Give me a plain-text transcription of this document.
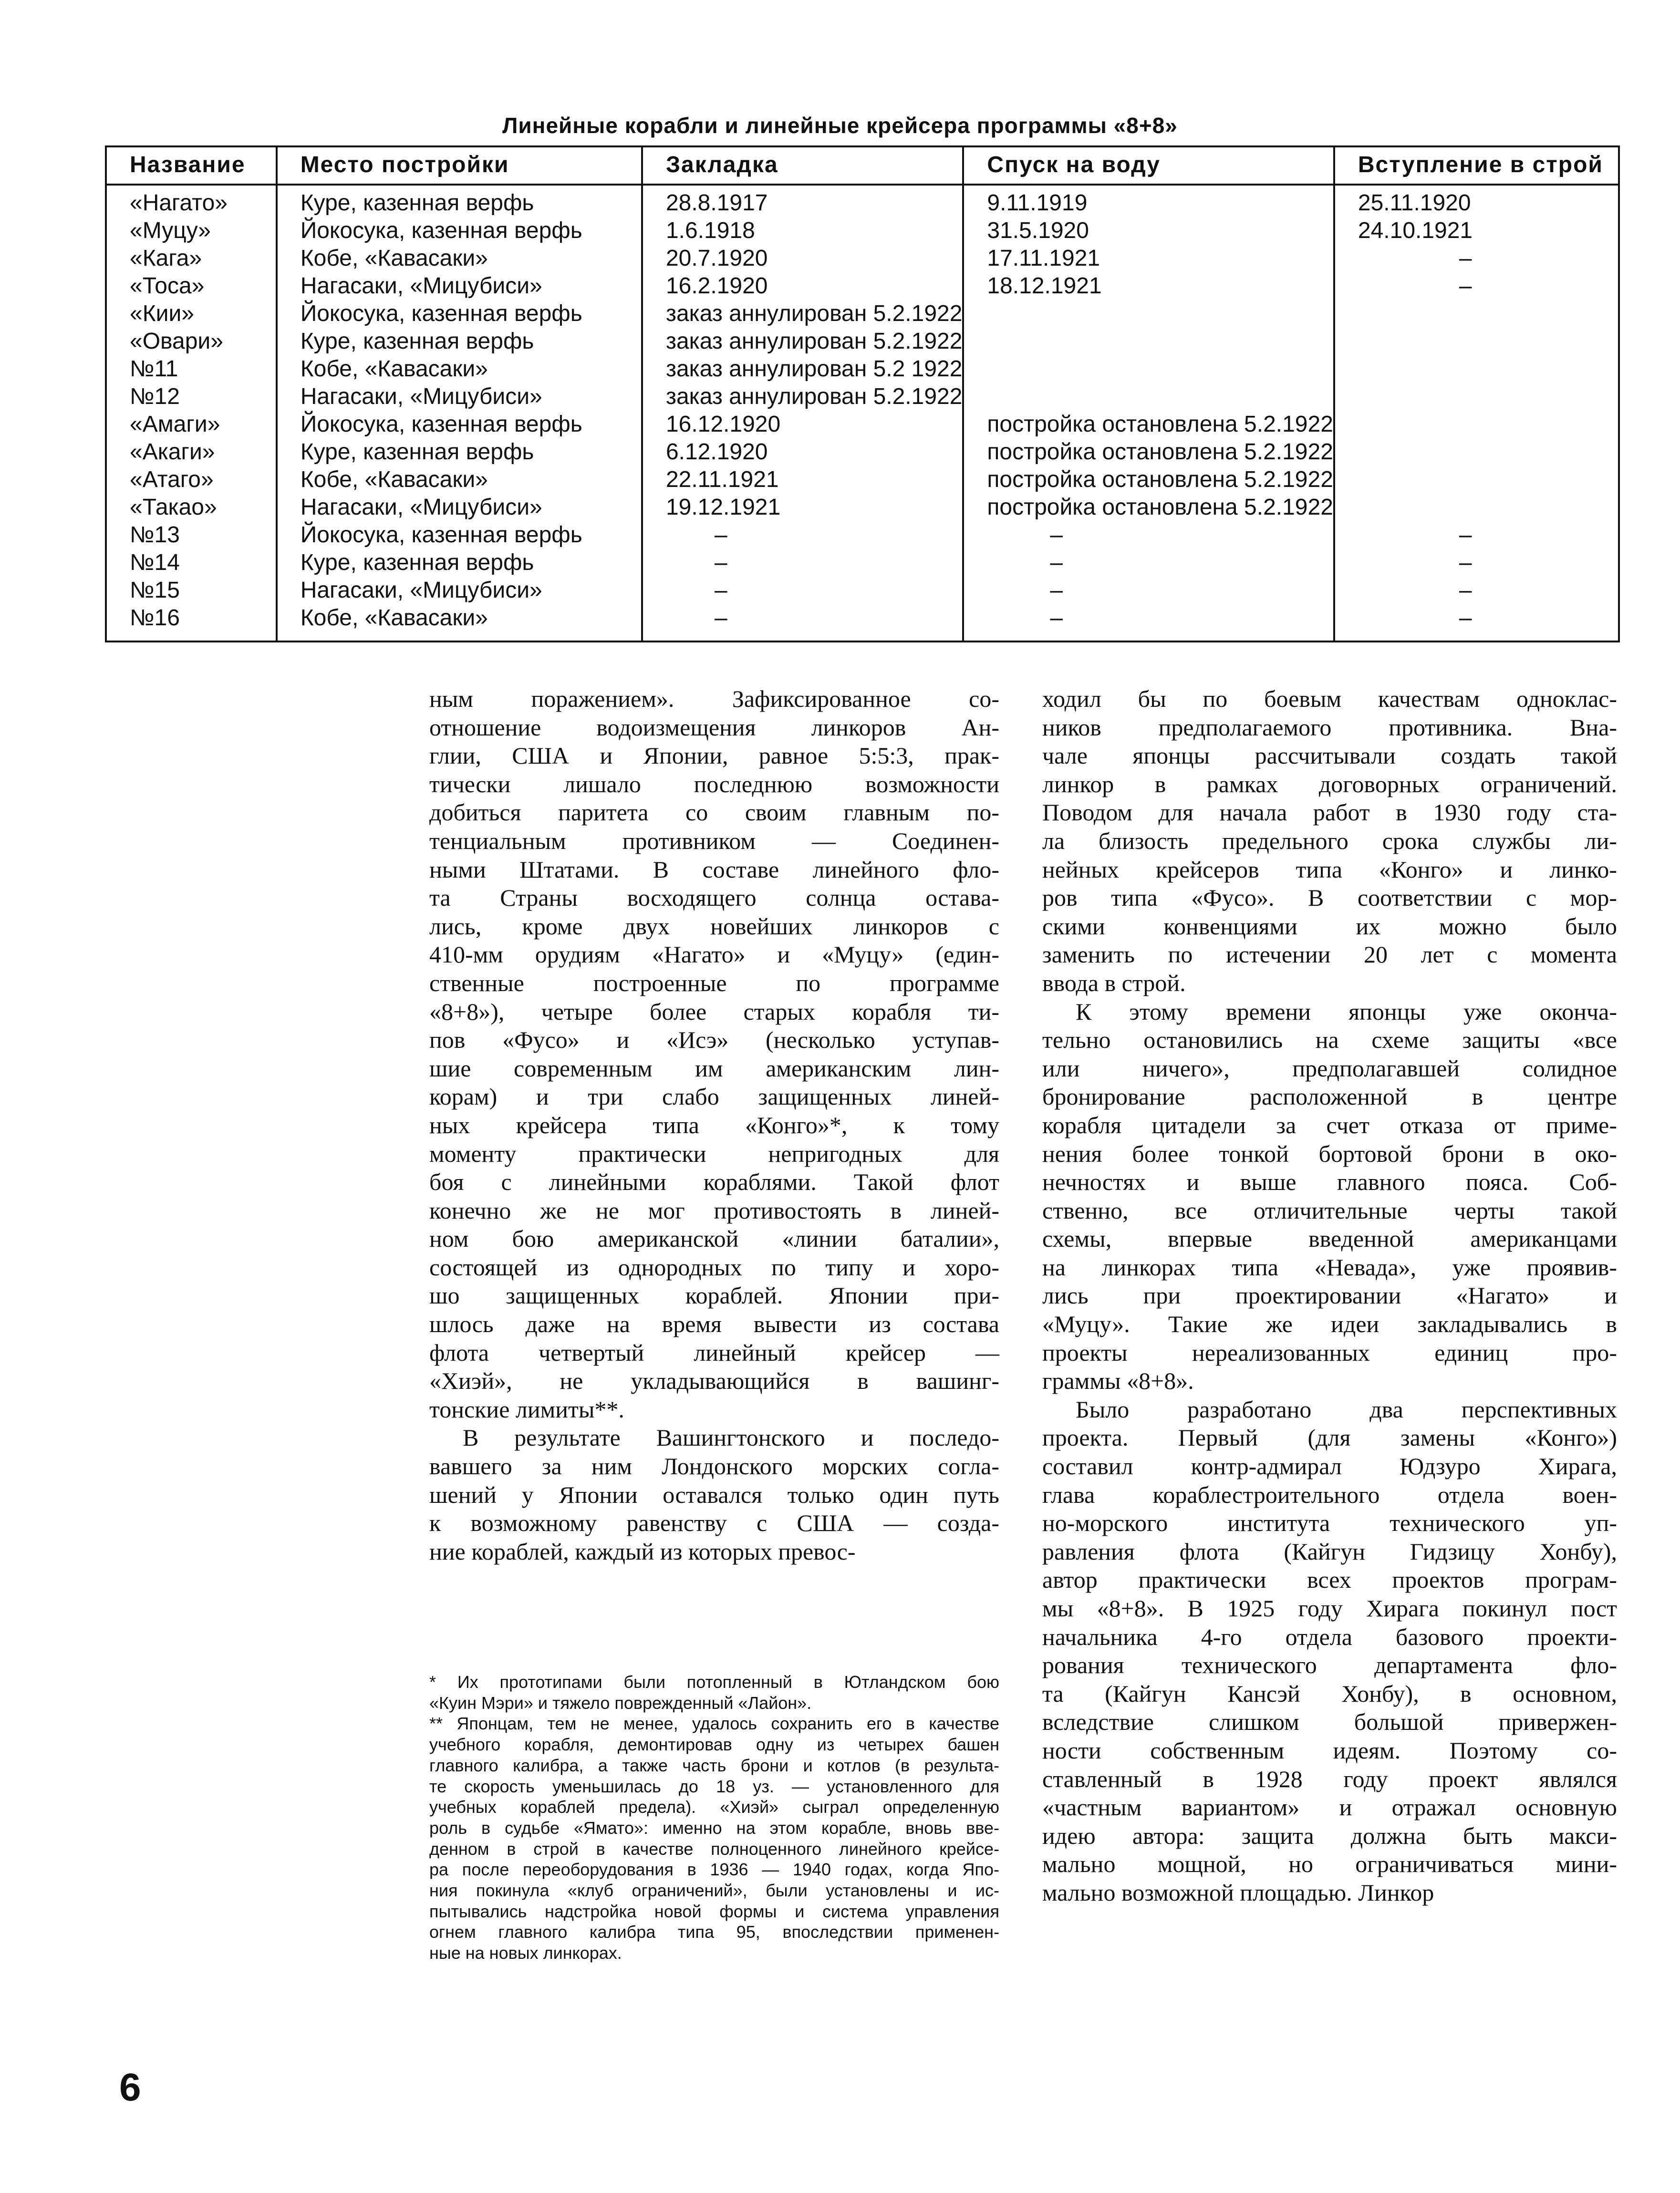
Линейные корабли и линейные крейсера программы «8+8»
Название	Место постройки	Закладка	Спуск на воду	Вступление в строй
«Нагато»	Куре, казенная верфь	28.8.1917	9.11.1919	25.11.1920
«Муцу»	Йокосука, казенная верфь	1.6.1918	31.5.1920	24.10.1921
«Кага»	Кобе, «Кавасаки»	20.7.1920	17.11.1921	–
«Тоса»	Нагасаки, «Мицубиси»	16.2.1920	18.12.1921	–
«Кии»	Йокосука, казенная верфь	заказ аннулирован 5.2.1922		
«Овари»	Куре, казенная верфь	заказ аннулирован 5.2.1922		
№11	Кобе, «Кавасаки»	заказ аннулирован 5.2 1922		
№12	Нагасаки, «Мицубиси»	заказ аннулирован 5.2.1922		
«Амаги»	Йокосука, казенная верфь	16.12.1920	постройка остановлена 5.2.1922	
«Акаги»	Куре, казенная верфь	6.12.1920	постройка остановлена 5.2.1922	
«Атаго»	Кобе, «Кавасаки»	22.11.1921	постройка остановлена 5.2.1922	
«Такао»	Нагасаки, «Мицубиси»	19.12.1921	постройка остановлена 5.2.1922	
№13	Йокосука, казенная верфь	–	–	–
№14	Куре, казенная верфь	–	–	–
№15	Нагасаки, «Мицубиси»	–	–	–
№16	Кобе, «Кавасаки»	–	–	–
ным поражением». Зафиксированное со-
отношение водоизмещения линкоров Ан-
глии, США и Японии, равное 5:5:3, прак-
тически лишало последнюю возможности
добиться паритета со своим главным по-
тенциальным противником — Соединен-
ными Штатами. В составе линейного фло-
та Страны восходящего солнца остава-
лись, кроме двух новейших линкоров с
410-мм орудиям «Нагато» и «Муцу» (един-
ственные построенные по программе
«8+8»), четыре более старых корабля ти-
пов «Фусо» и «Исэ» (несколько уступав-
шие современным им американским лин-
корам) и три слабо защищенных линей-
ных крейсера типа «Конго»*, к тому
моменту практически непригодных для
боя с линейными кораблями. Такой флот
конечно же не мог противостоять в линей-
ном бою американской «линии баталии»,
состоящей из однородных по типу и хоро-
шо защищенных кораблей. Японии при-
шлось даже на время вывести из состава
флота четвертый линейный крейсер —
«Хиэй», не укладывающийся в вашинг-
тонские лимиты**.
В результате Вашингтонского и последо-
вавшего за ним Лондонского морских согла-
шений у Японии оставался только один путь
к возможному равенству с США — созда-
ние кораблей, каждый из которых превос-
ходил бы по боевым качествам одноклас-
ников предполагаемого противника. Вна-
чале японцы рассчитывали создать такой
линкор в рамках договорных ограничений.
Поводом для начала работ в 1930 году ста-
ла близость предельного срока службы ли-
нейных крейсеров типа «Конго» и линко-
ров типа «Фусо». В соответствии с мор-
скими конвенциями их можно было
заменить по истечении 20 лет с момента
ввода в строй.
К этому времени японцы уже оконча-
тельно остановились на схеме защиты «все
или ничего», предполагавшей солидное
бронирование расположенной в центре
корабля цитадели за счет отказа от приме-
нения более тонкой бортовой брони в око-
нечностях и выше главного пояса. Соб-
ственно, все отличительные черты такой
схемы, впервые введенной американцами
на линкорах типа «Невада», уже проявив-
лись при проектировании «Нагато» и
«Муцу». Такие же идеи закладывались в
проекты нереализованных единиц про-
граммы «8+8».
Было разработано два перспективных
проекта. Первый (для замены «Конго»)
составил контр-адмирал Юдзуро Хирага,
глава кораблестроительного отдела воен-
но-морского института технического уп-
равления флота (Кайгун Гидзицу Хонбу),
автор практически всех проектов програм-
мы «8+8». В 1925 году Хирага покинул пост
начальника 4-го отдела базового проекти-
рования технического департамента фло-
та (Кайгун Кансэй Хонбу), в основном,
вследствие слишком большой привержен-
ности собственным идеям. Поэтому со-
ставленный в 1928 году проект являлся
«частным вариантом» и отражал основную
идею автора: защита должна быть макси-
мально мощной, но ограничиваться мини-
мально возможной площадью. Линкор
* Их прототипами были потопленный в Ютландском бою
«Куин Мэри» и тяжело поврежденный «Лайон».
** Японцам, тем не менее, удалось сохранить его в качестве
учебного корабля, демонтировав одну из четырех башен
главного калибра, а также часть брони и котлов (в результа-
те скорость уменьшилась до 18 уз. — установленного для
учебных кораблей предела). «Хиэй» сыграл определенную
роль в судьбе «Ямато»: именно на этом корабле, вновь вве-
денном в строй в качестве полноценного линейного крейсе-
ра после переоборудования в 1936 — 1940 годах, когда Япо-
ния покинула «клуб ограничений», были установлены и ис-
пытывались надстройка новой формы и система управления
огнем главного калибра типа 95, впоследствии применен-
ные на новых линкорах.
6
